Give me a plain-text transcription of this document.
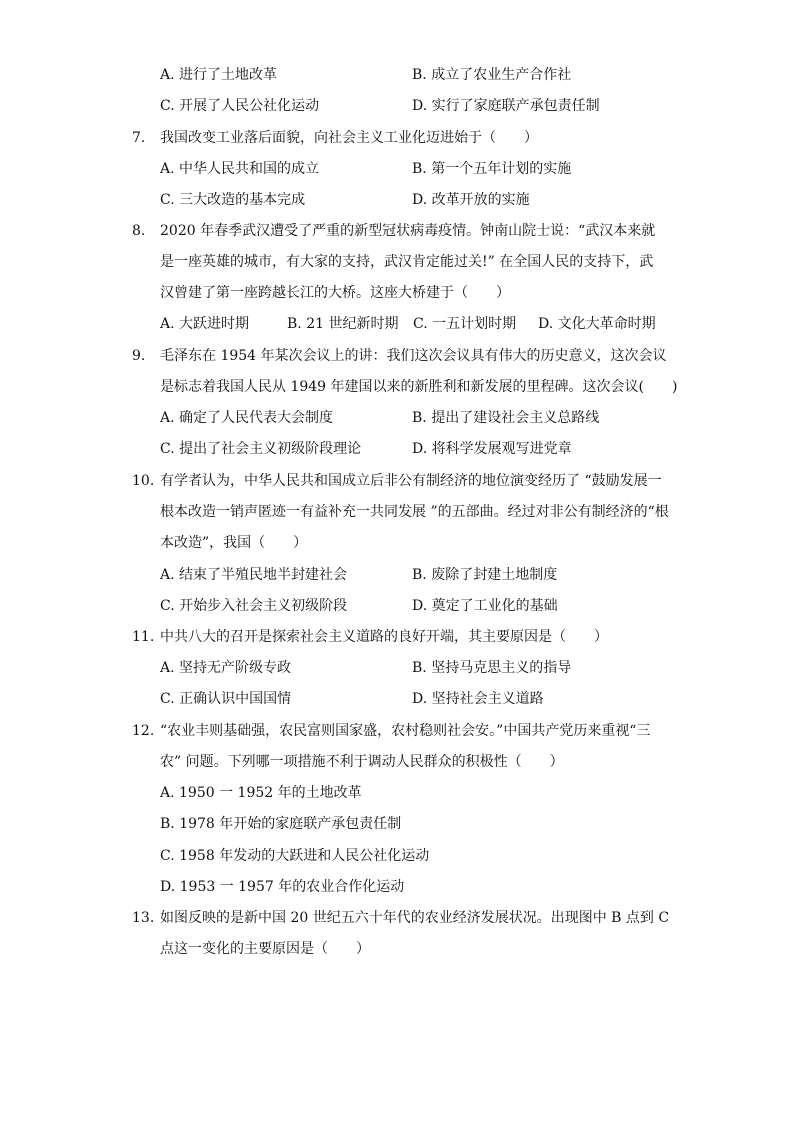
A. 进行了土地改革	B. 成立了农业生产合作社
C. 开展了人民公社化运动	D. 实行了家庭联产承包责任制
7. 我国改变工业落后面貌，向社会主义工业化迈进始于（　　）
A. 中华人民共和国的成立	B. 第一个五年计划的实施
C. 三大改造的基本完成	D. 改革开放的实施
8. 2020 年春季武汉遭受了严重的新型冠状病毒疫情。钟南山院士说：“武汉本来就
是一座英雄的城市，有大家的支持，武汉肯定能过关!” 在全国人民的支持下，武
汉曾建了第一座跨越长江的大桥。这座大桥建于（　　）
A. 大跃进时期	B. 21 世纪新时期 C. 一五计划时期 D. 文化大革命时期
9. 毛泽东在 1954 年某次会议上的讲：我们这次会议具有伟大的历史意义，这次会议
是标志着我国人民从 1949 年建国以来的新胜利和新发展的里程碑。这次会议(　　)
A. 确定了人民代表大会制度	B. 提出了建设社会主义总路线
C. 提出了社会主义初级阶段理论	D. 将科学发展观写进党章
10. 有学者认为，中华人民共和国成立后非公有制经济的地位演变经历了 “鼓励发展一
根本改造一销声匿迹一有益补充一共同发展 ”的五部曲。经过对非公有制经济的“根
本改造”，我国（　　）
A. 结束了半殖民地半封建社会	B. 废除了封建土地制度
C. 开始步入社会主义初级阶段	D. 奠定了工业化的基础
11. 中共八大的召开是探索社会主义道路的良好开端，其主要原因是（　　）
A. 坚持无产阶级专政	B. 坚持马克思主义的指导
C. 正确认识中国国情	D. 坚持社会主义道路
12. “农业丰则基础强，农民富则国家盛，农村稳则社会安。”中国共产党历来重视“三
农” 问题。下列哪一项措施不利于调动人民群众的积极性（　　）
A. 1950 一 1952 年的土地改革
B. 1978 年开始的家庭联产承包责任制
C. 1958 年发动的大跃进和人民公社化运动
D. 1953 一 1957 年的农业合作化运动
13. 如图反映的是新中国 20 世纪五六十年代的农业经济发展状况。出现图中 B 点到 C
点这一变化的主要原因是（　　）
